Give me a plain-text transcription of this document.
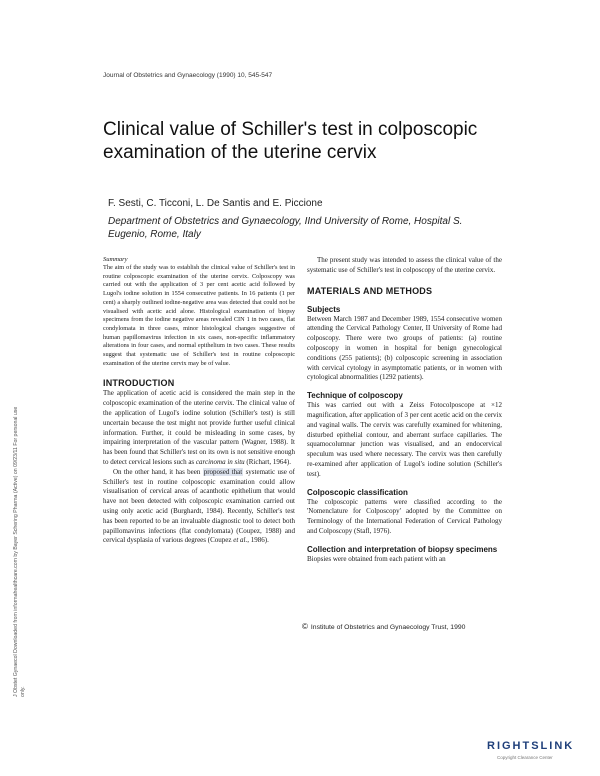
Journal of Obstetrics and Gynaecology (1990) 10, 545-547
Clinical value of Schiller's test in colposcopic examination of the uterine cervix
F. Sesti, C. Ticconi, L. De Santis and E. Piccione
Department of Obstetrics and Gynaecology, IInd University of Rome, Hospital S. Eugenio, Rome, Italy
Summary
The aim of the study was to establish the clinical value of Schiller's test in routine colposcopic examination of the uterine cervix. Colposcopy was carried out with the application of 3 per cent acetic acid followed by Lugol's iodine solution in 1554 consecutive patients. In 16 patients (1 per cent) a sharply outlined iodine-negative area was detected that could not be visualised with acetic acid alone. Histological examination of biopsy specimens from the iodine negative areas revealed CIN 1 in two cases, flat condylomata in three cases, minor histological changes suggestive of human papillomavirus infection in six cases, non-specific inflammatory alterations in four cases, and normal epithelium in two cases. These results suggest that systematic use of Schiller's test in routine colposcopic examination of the uterine cervix may be of value.
INTRODUCTION
The application of acetic acid is considered the main step in the colposcopic examination of the uterine cervix. The clinical value of the application of Lugol's iodine solution (Schiller's test) is still uncertain because the test might not provide further useful clinical information. Further, it could be misleading in some cases, by impairing interpretation of the vascular pattern (Wagner, 1988). It has been found that Schiller's test on its own is not sensitive enough to detect cervical lesions such as carcinoma in situ (Richart, 1964).
On the other hand, it has been proposed that systematic use of Schiller's test in routine colposcopic examination could allow visualisation of cervical areas of acanthotic epithelium that would have not been detected with colposcopic examination carried out using only acetic acid (Burghardt, 1984). Recently, Schiller's test has been reported to be an invaluable diagnostic tool to detect both papillomavirus infections (flat condylomata) (Coupez, 1988) and cervical dysplasia of various degrees (Coupez et al., 1986).
The present study was intended to assess the clinical value of the systematic use of Schiller's test in colposcopy of the uterine cervix.
MATERIALS AND METHODS
Subjects
Between March 1987 and December 1989, 1554 consecutive women attending the Cervical Pathology Center, II University of Rome had colposcopy. There were two groups of patients: (a) routine colposcopy in women in hospital for benign gynecological conditions (255 patients); (b) colposcopic screening in association with cervical cytology in asymptomatic patients, or in women with cytological abnormalities (1292 patients).
Technique of colposcopy
This was carried out with a Zeiss Fotocolposcope at ×12 magnification, after application of 3 per cent acetic acid on the cervix and vaginal walls. The cervix was carefully examined for whitening, disturbed epithelial contour, and aberrant surface capillaries. The squamocolumnar junction was visualised, and an endocervical speculum was used where necessary. The cervix was then carefully re-examined after application of Lugol's iodine solution (Schiller's test).
Colposcopic classification
The colposcopic patterns were classified according to the 'Nomenclature for Colposcopy' adopted by the Committee on Terminology of the International Federation of Cervical Pathology and Colposcopy (Stafl, 1976).
Collection and interpretation of biopsy specimens
Biopsies were obtained from each patient with an
© Institute of Obstetrics and Gynaecology Trust, 1990
J Obstet Gynaecol Downloaded from informahealthcare.com by Bayer Schering Pharma (Active) on 09/23/11 For personal use only.
RIGHTSLINK
Copyright Clearance Center
